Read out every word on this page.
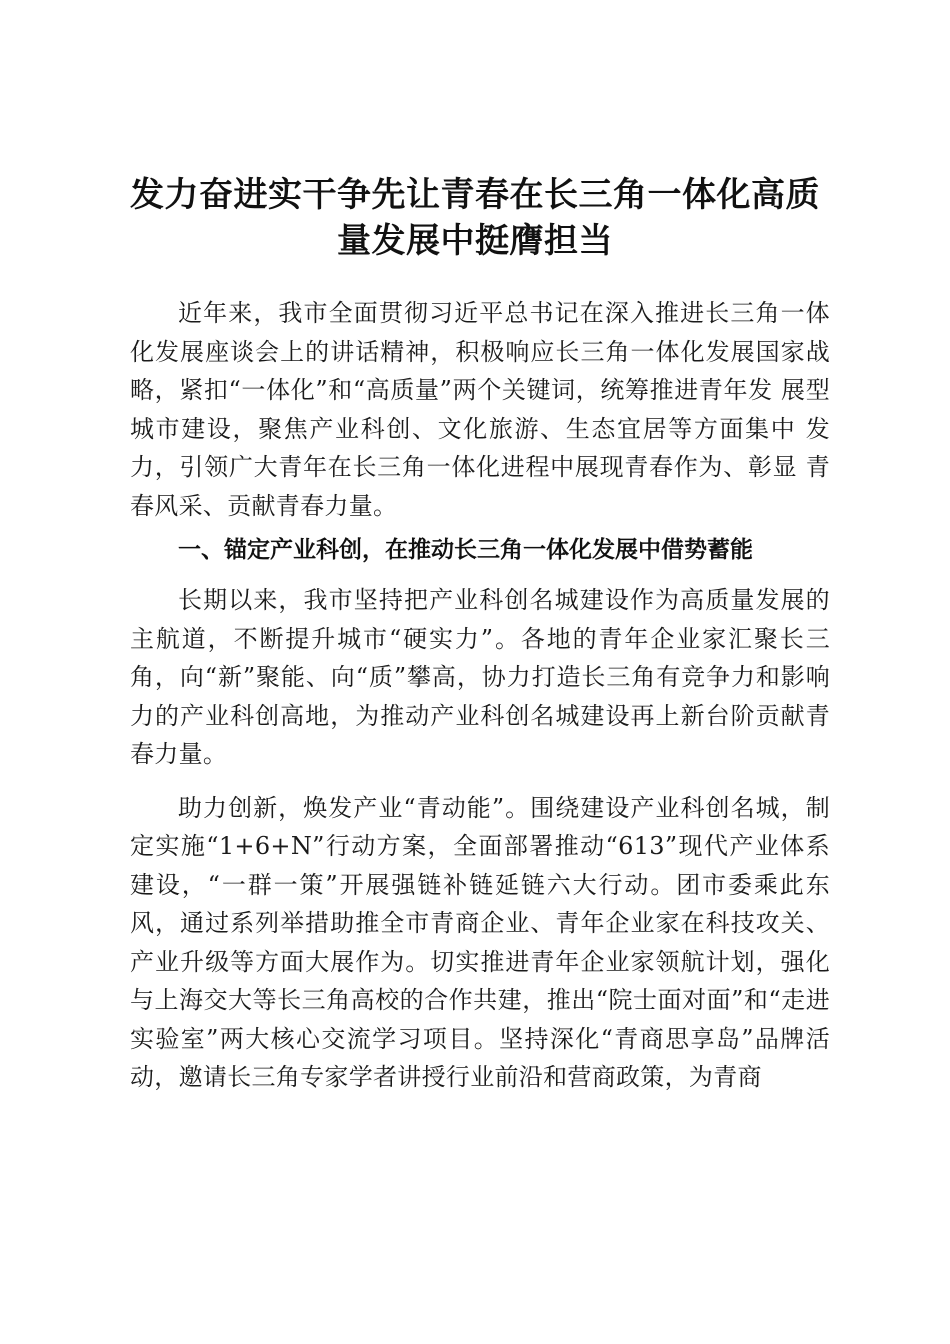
发力奋进实干争先让青春在长三角一体化高质量发展中挺膺担当

近年来，我市全面贯彻习近平总书记在深入推进长三角一体化发展座谈会上的讲话精神，积极响应长三角一体化发展国家战 略，紧扣“一体化”和“高质量”两个关键词，统筹推进青年发 展型城市建设，聚焦产业科创、文化旅游、生态宜居等方面集中 发力，引领广大青年在长三角一体化进程中展现青春作为、彰显 青春风采、贡献青春力量。

一、锚定产业科创，在推动长三角一体化发展中借势蓄能

长期以来，我市坚持把产业科创名城建设作为高质量发展的主航道，不断提升城市“硬实力”。各地的青年企业家汇聚长三角，向“新”聚能、向“质”攀高，协力打造长三角有竞争力和影响力的产业科创高地，为推动产业科创名城建设再上新台阶贡献青春力量。

助力创新，焕发产业“青动能”。围绕建设产业科创名城，制定实施“1+6+N”行动方案，全面部署推动“613”现代产业体系建设，“一群一策”开展强链补链延链六大行动。团市委乘此东风，通过系列举措助推全市青商企业、青年企业家在科技攻关、产业升级等方面大展作为。切实推进青年企业家领航计划，强化与上海交大等长三角高校的合作共建，推出“院士面对面”和“走进实验室”两大核心交流学习项目。坚持深化“青商思享岛”品牌活动，邀请长三角专家学者讲授行业前沿和营商政策，为青商
